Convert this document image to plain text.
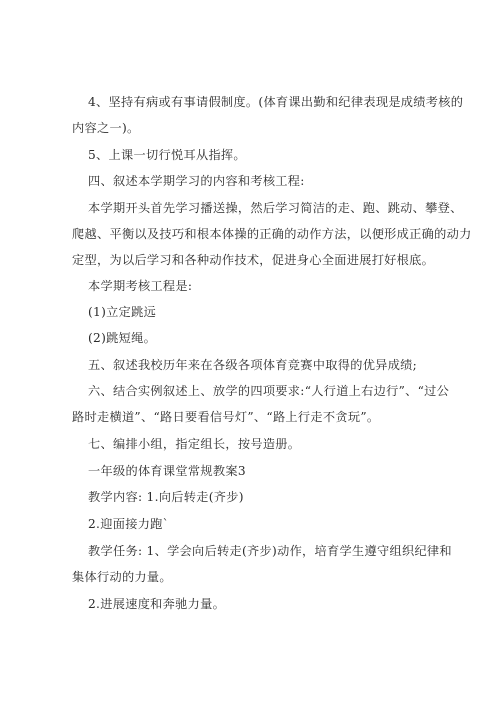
4、坚持有病或有事请假制度。(体育课出勤和纪律表现是成绩考核的
内容之一)。

5、上课一切行悦耳从指挥。

四、叙述本学期学习的内容和考核工程:

本学期开头首先学习播送操，然后学习简洁的走、跑、跳动、攀登、
爬越、平衡以及技巧和根本体操的正确的动作方法，以便形成正确的动力
定型，为以后学习和各种动作技术，促进身心全面进展打好根底。

本学期考核工程是:

(1)立定跳远

(2)跳短绳。

五、叙述我校历年来在各级各项体育竞赛中取得的优异成绩;

六、结合实例叙述上、放学的四项要求:“人行道上右边行”、“过公
路时走横道”、“路日要看信号灯”、“路上行走不贪玩”。

七、编排小组，指定组长，按号造册。

一年级的体育课堂常规教案3

教学内容: 1.向后转走(齐步)

2.迎面接力跑`

教学任务: 1、学会向后转走(齐步)动作，培育学生遵守组织纪律和
集体行动的力量。

2.进展速度和奔驰力量。
